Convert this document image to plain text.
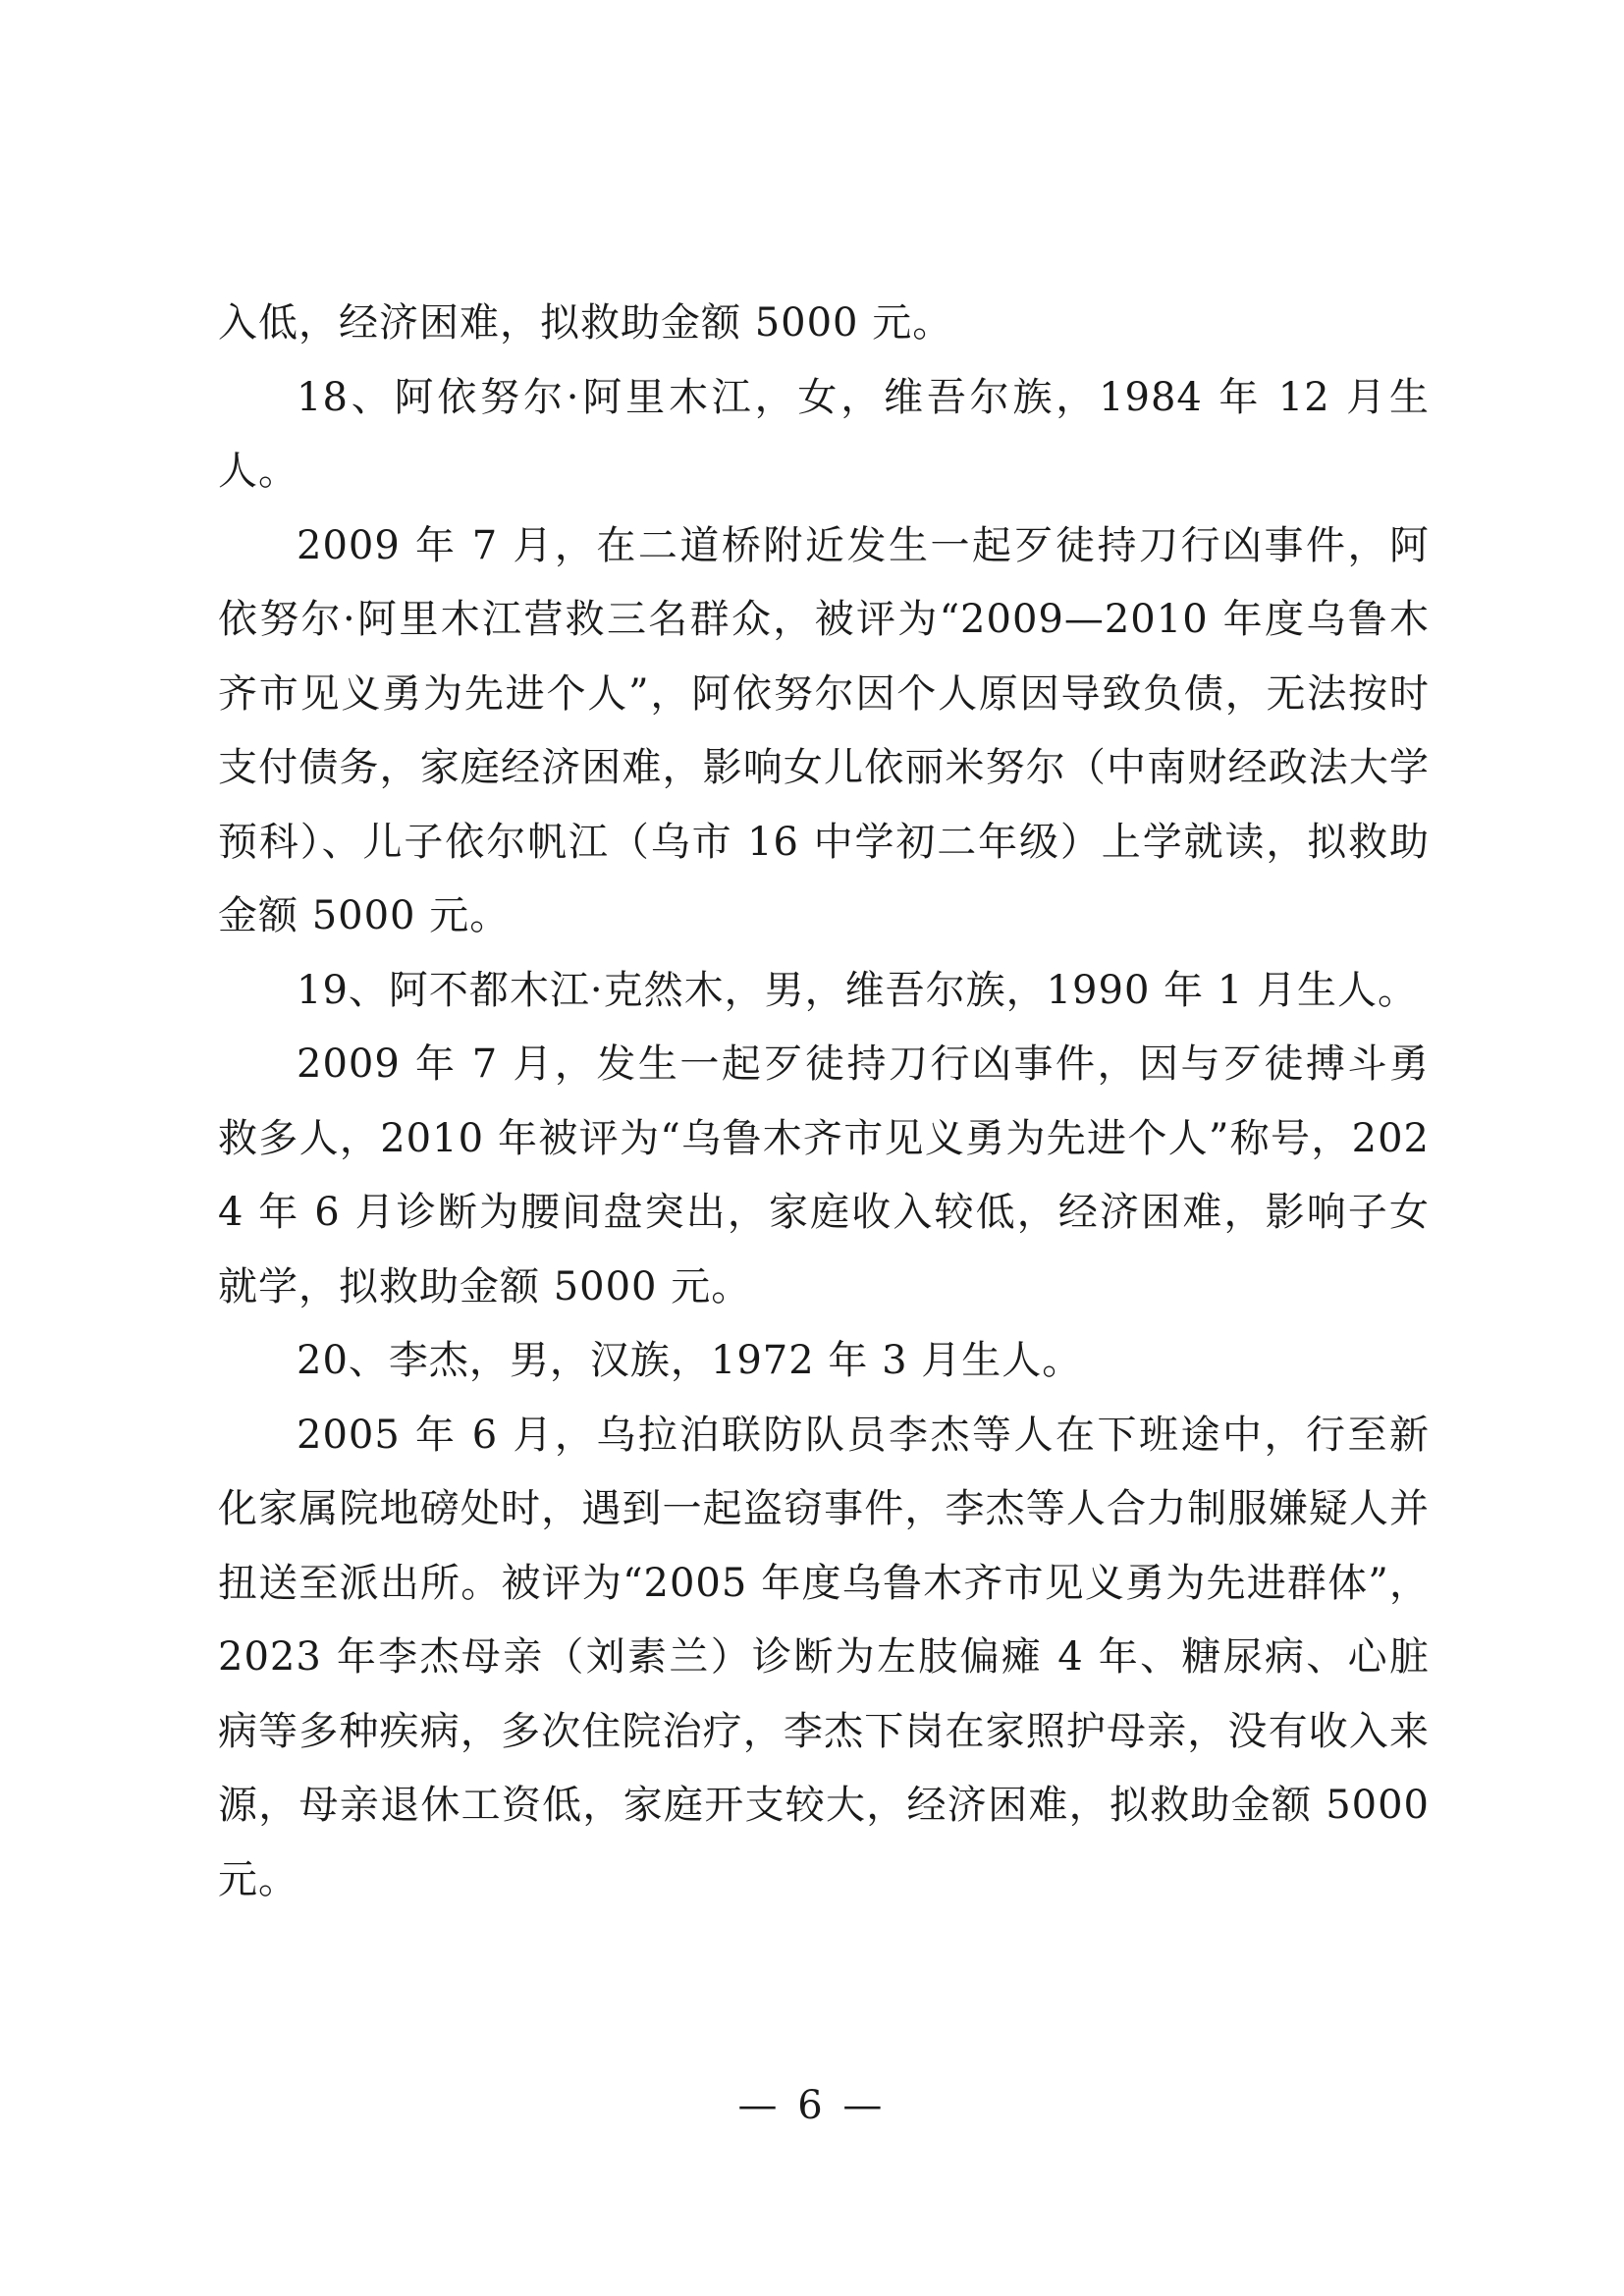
入低，经济困难，拟救助金额 5000 元。

18、阿依努尔·阿里木江，女，维吾尔族，1984 年 12 月生人。

2009 年 7 月，在二道桥附近发生一起歹徒持刀行凶事件，阿依努尔·阿里木江营救三名群众，被评为“2009—2010 年度乌鲁木齐市见义勇为先进个人”，阿依努尔因个人原因导致负债，无法按时支付债务，家庭经济困难，影响女儿依丽米努尔（中南财经政法大学预科）、儿子依尔帆江（乌市 16 中学初二年级）上学就读，拟救助金额 5000 元。

19、阿不都木江·克然木，男，维吾尔族，1990 年 1 月生人。

2009 年 7 月，发生一起歹徒持刀行凶事件，因与歹徒搏斗勇救多人，2010 年被评为“乌鲁木齐市见义勇为先进个人”称号，2024 年 6 月诊断为腰间盘突出，家庭收入较低，经济困难，影响子女就学，拟救助金额 5000 元。

20、李杰，男，汉族，1972 年 3 月生人。

2005 年 6 月，乌拉泊联防队员李杰等人在下班途中，行至新化家属院地磅处时，遇到一起盗窃事件，李杰等人合力制服嫌疑人并扭送至派出所。被评为“2005 年度乌鲁木齐市见义勇为先进群体”，2023 年李杰母亲（刘素兰）诊断为左肢偏瘫 4 年、糖尿病、心脏病等多种疾病，多次住院治疗，李杰下岗在家照护母亲，没有收入来源，母亲退休工资低，家庭开支较大，经济困难，拟救助金额 5000 元。

— 6 —
